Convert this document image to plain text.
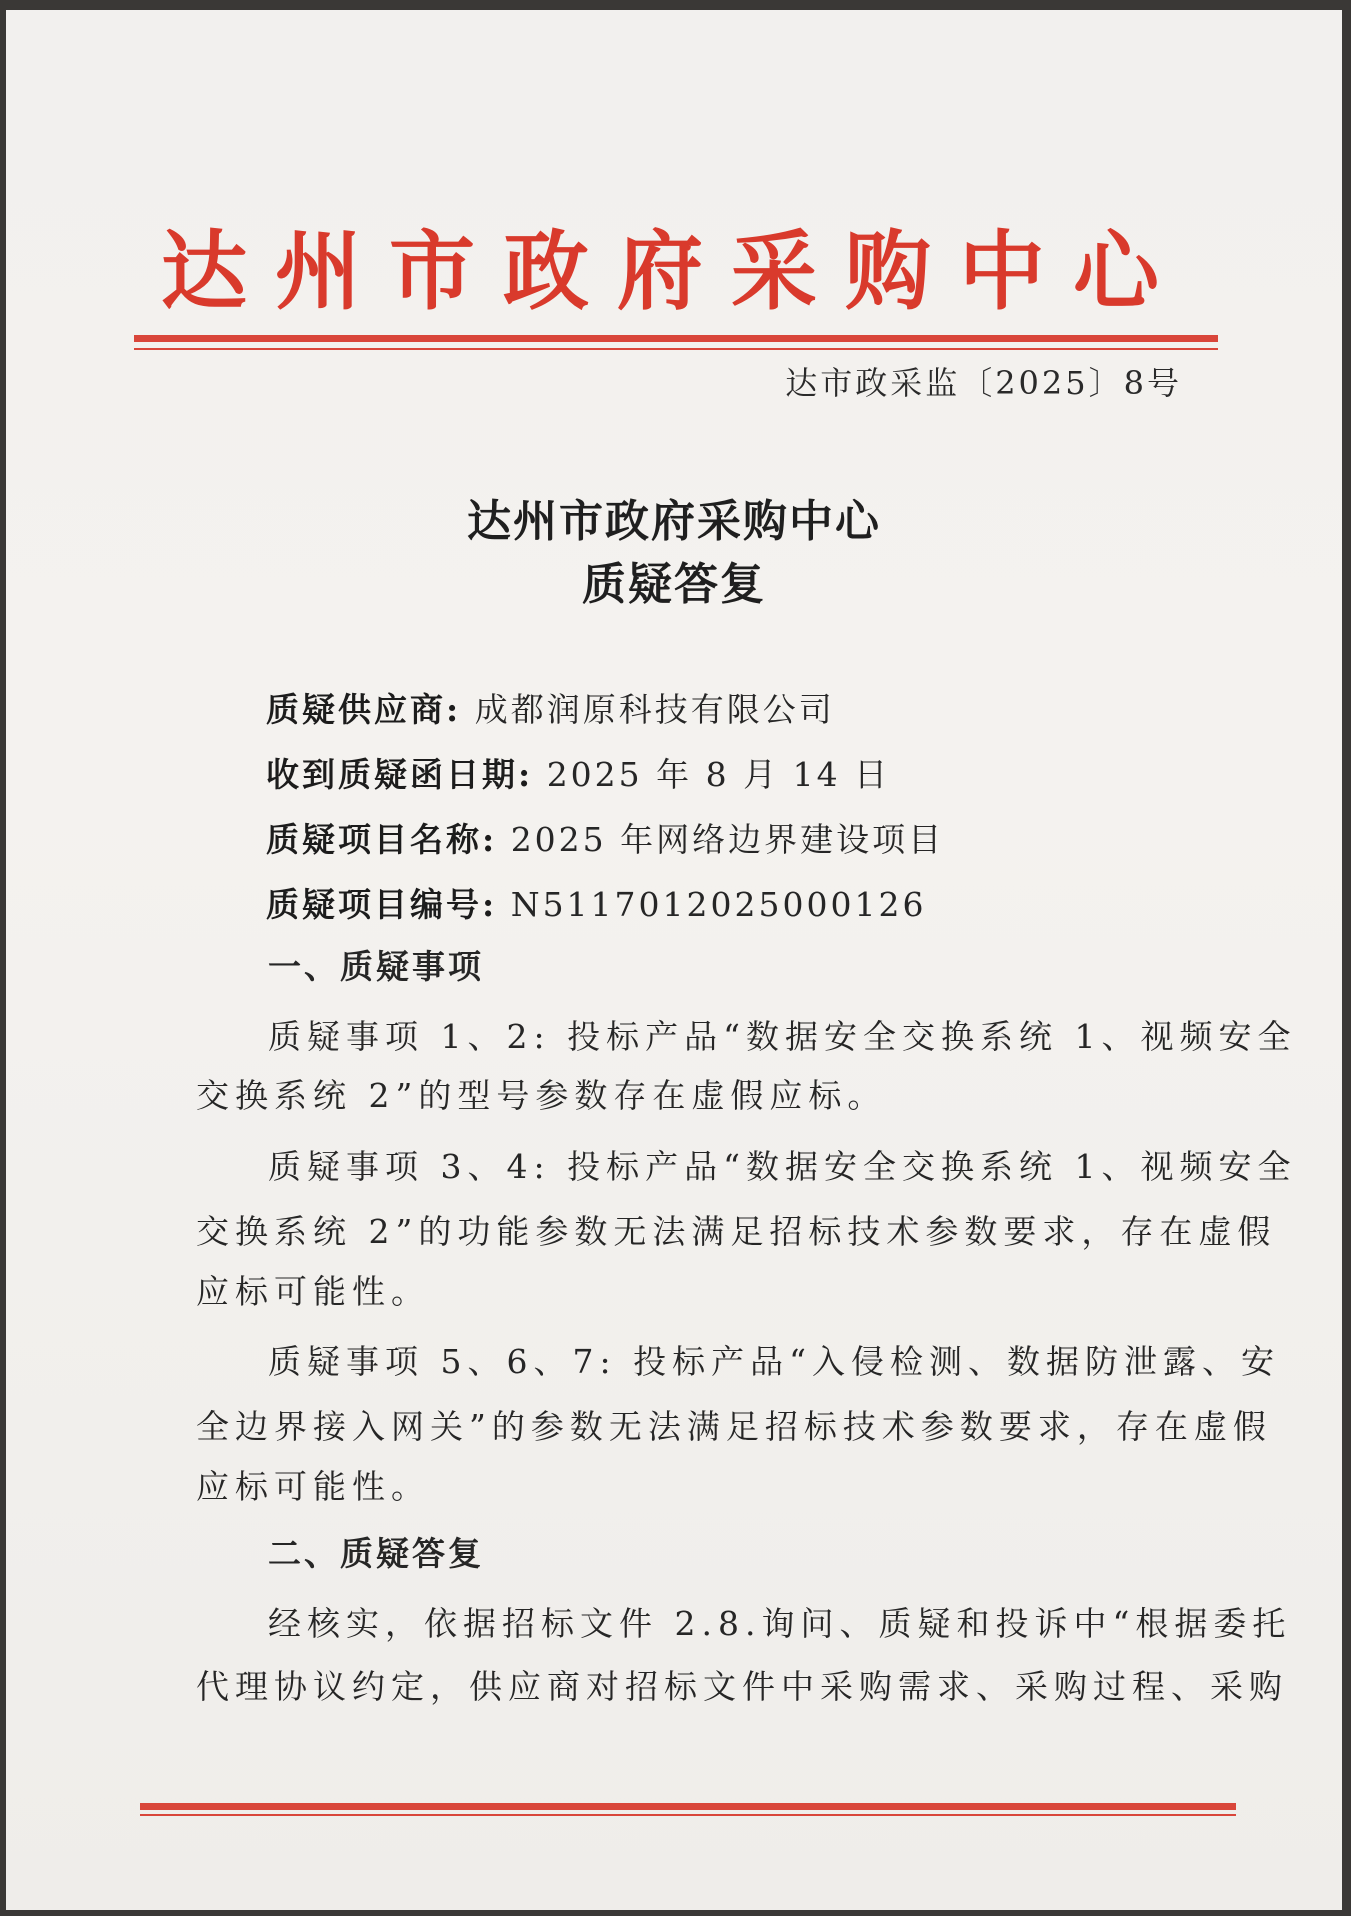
达州市政府采购中心
达市政采监〔2025〕8号
达州市政府采购中心
质疑答复
质疑供应商: 成都润原科技有限公司
收到质疑函日期: 2025 年 8 月 14 日
质疑项目名称: 2025 年网络边界建设项目
质疑项目编号: N5117012025000126
一、质疑事项
质疑事项 1、2: 投标产品“数据安全交换系统 1、视频安全
交换系统 2”的型号参数存在虚假应标。
质疑事项 3、4: 投标产品“数据安全交换系统 1、视频安全
交换系统 2”的功能参数无法满足招标技术参数要求，存在虚假
应标可能性。
质疑事项 5、6、7: 投标产品“入侵检测、数据防泄露、安
全边界接入网关”的参数无法满足招标技术参数要求，存在虚假
应标可能性。
二、质疑答复
经核实，依据招标文件 2.8.询问、质疑和投诉中“根据委托
代理协议约定，供应商对招标文件中采购需求、采购过程、采购
